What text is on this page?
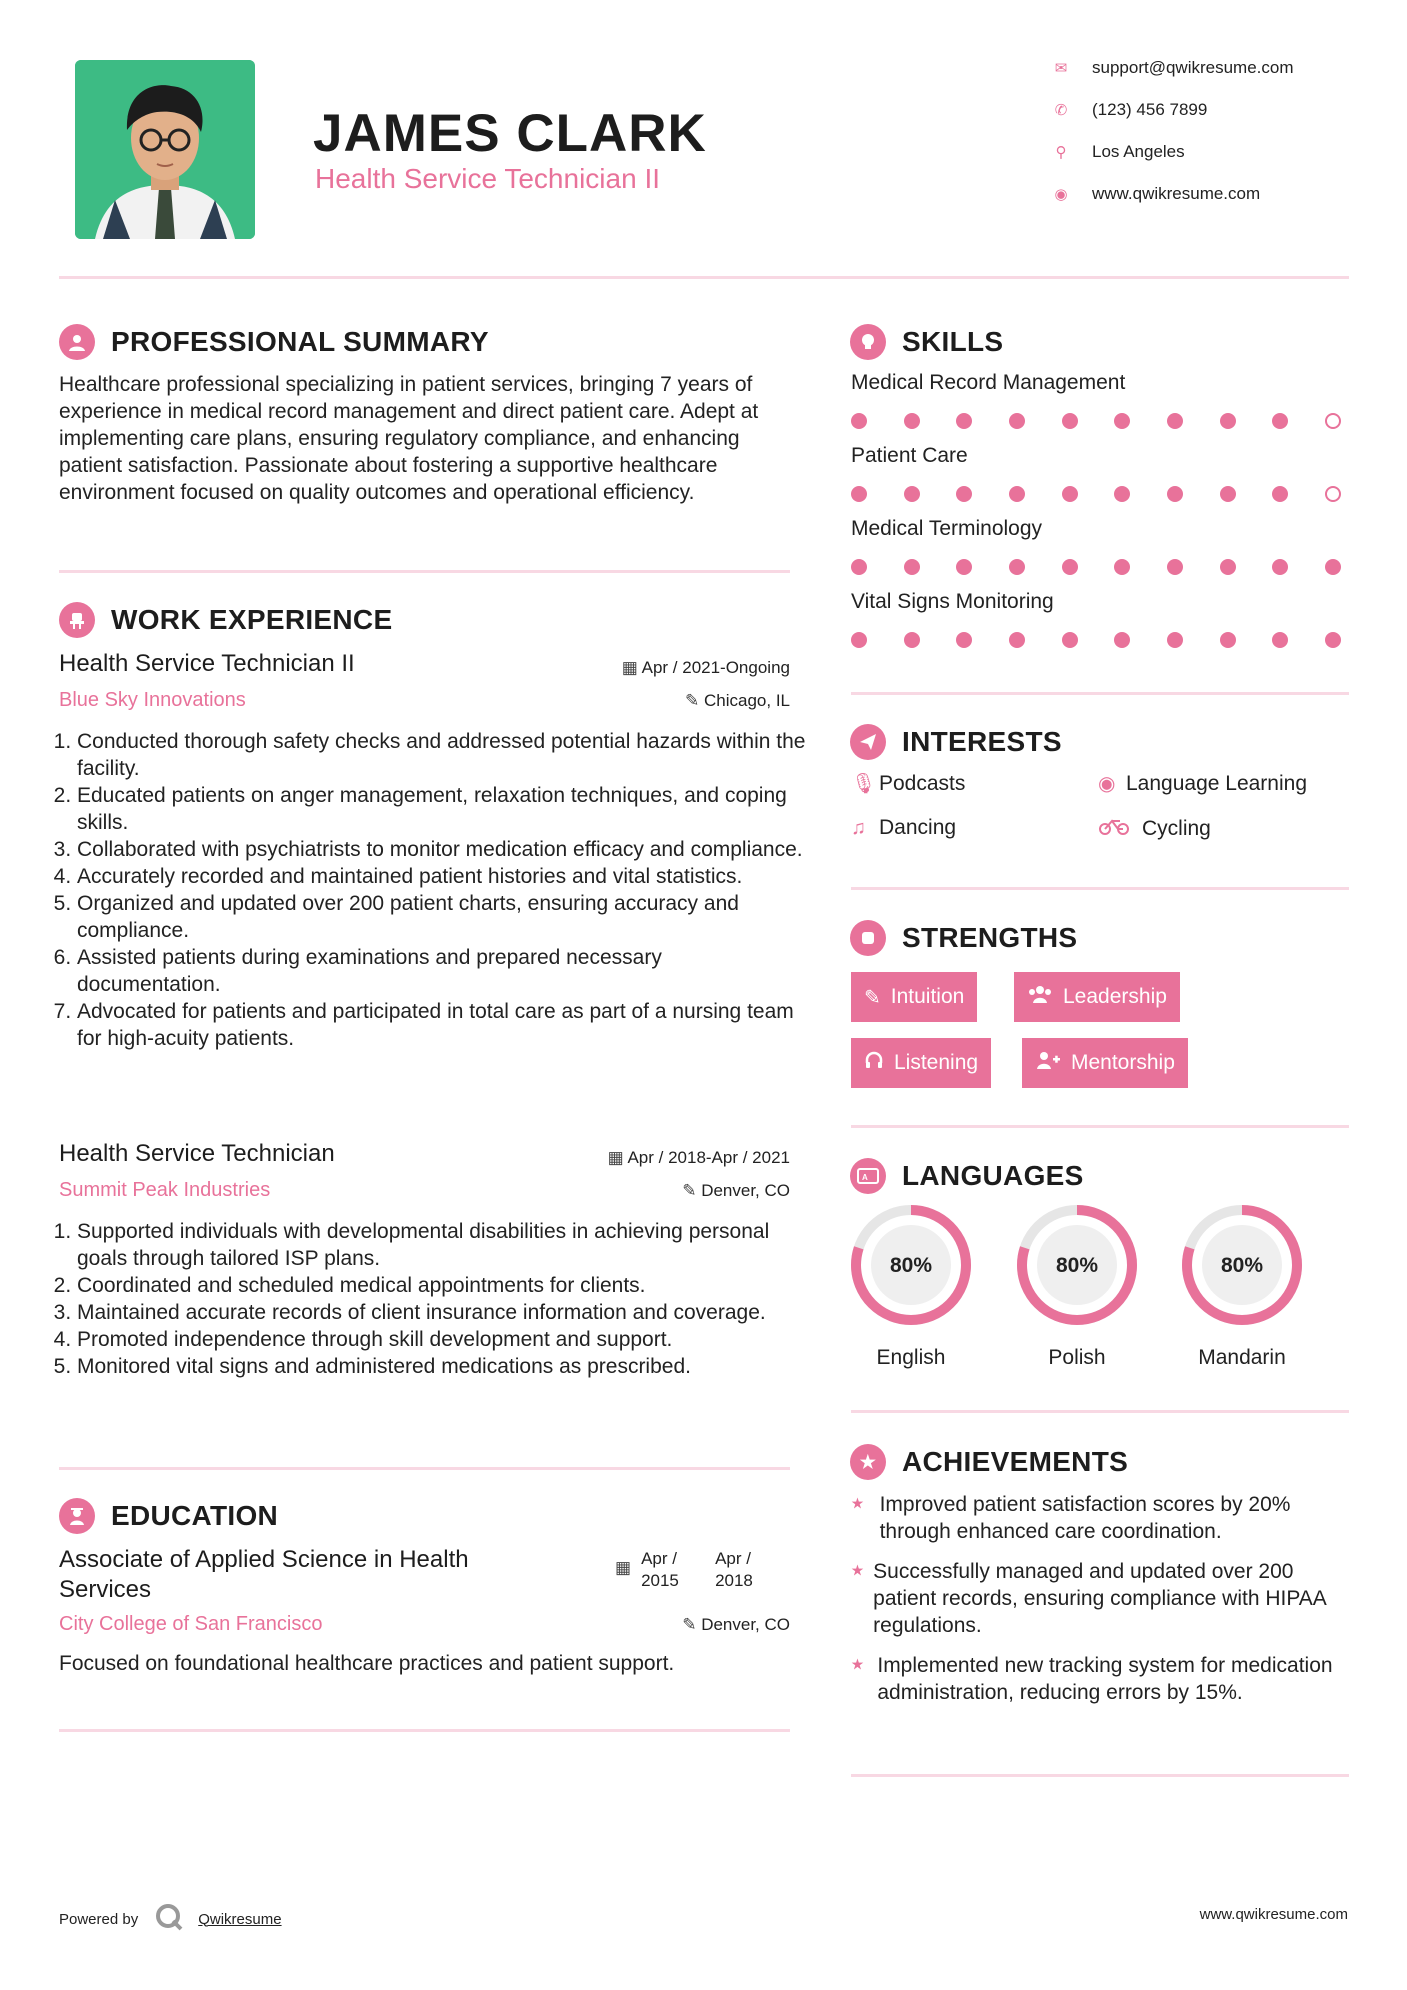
JAMES CLARK
Health Service Technician II
✉ support@qwikresume.com
✆ (123) 456 7899
⚲	Los Angeles
◉ www.qwikresume.com
PROFESSIONAL SUMMARY
Healthcare professional specializing in patient services, bringing 7 years of experience in medical record management and direct patient care. Adept at implementing care plans, ensuring regulatory compliance, and enhancing patient satisfaction. Passionate about fostering a supportive healthcare environment focused on quality outcomes and operational efficiency.
WORK EXPERIENCE
Health Service Technician II	▦ Apr / 2021-Ongoing
Blue Sky Innovations	✎ Chicago, IL
1. Conducted thorough safety checks and addressed potential hazards within the facility.
2. Educated patients on anger management, relaxation techniques, and coping skills.
3. Collaborated with psychiatrists to monitor medication efficacy and compliance.
4. Accurately recorded and maintained patient histories and vital statistics.
5. Organized and updated over 200 patient charts, ensuring accuracy and compliance.
6. Assisted patients during examinations and prepared necessary documentation.
7. Advocated for patients and participated in total care as part of a nursing team for high-acuity patients.
Health Service Technician	▦ Apr / 2018-Apr / 2021
Summit Peak Industries	✎ Denver, CO
1. Supported individuals with developmental disabilities in achieving personal goals through tailored ISP plans.
2. Coordinated and scheduled medical appointments for clients.
3. Maintained accurate records of client insurance information and coverage.
4. Promoted independence through skill development and support.
5. Monitored vital signs and administered medications as prescribed.
EDUCATION
Associate of Applied Science in Health Services
▦ Apr / 2015
Apr / 2018
City College of San Francisco	✎ Denver, CO
Focused on foundational healthcare practices and patient support.
SKILLS
Medical Record Management
Patient Care
Medical Terminology
Vital Signs Monitoring
INTERESTS
🎙︎ Podcasts	◉ Language Learning
♫ Dancing	Cycling
STRENGTHS
✎ Intuition	Leadership
Listening	Mentorship
A LANGUAGES
80%
English
80%
Polish
80%
Mandarin
★ ACHIEVEMENTS
⭑ Improved patient satisfaction scores by 20% through enhanced care coordination.
⭑ Successfully managed and updated over 200 patient records, ensuring compliance with HIPAA regulations.
⭑ Implemented new tracking system for medication administration, reducing errors by 15%.
Powered by	Qwikresume	www.qwikresume.com
